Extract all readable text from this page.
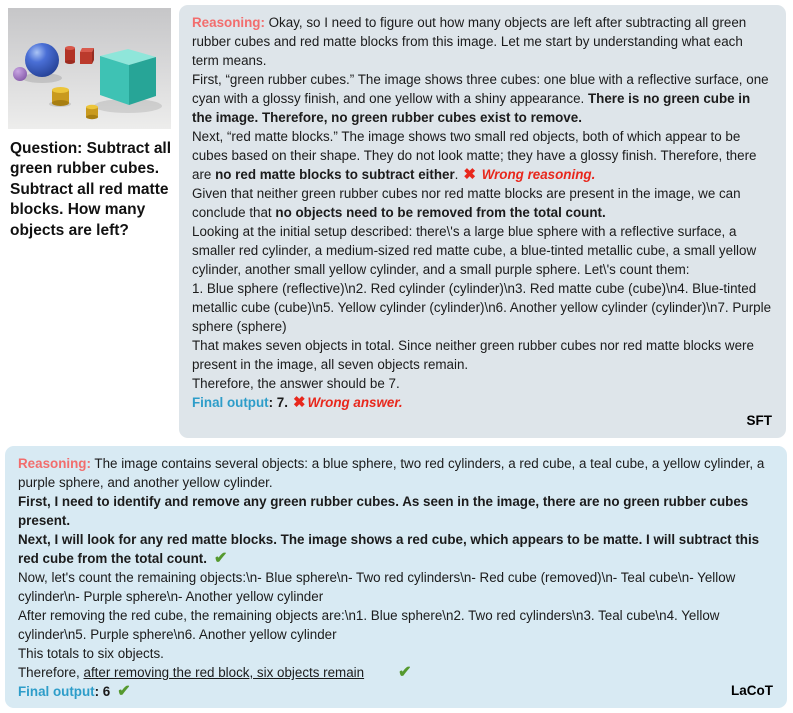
Question: Subtract all green rubber cubes. Subtract all red matte blocks. How many objects are left?

Reasoning: Okay, so I need to figure out how many objects are left after subtracting all green rubber cubes and red matte blocks from this image. Let me start by understanding what each term means.

First, “green rubber cubes.” The image shows three cubes: one blue with a reflective surface, one cyan with a glossy finish, and one yellow with a shiny appearance. There is no green cube in the image. Therefore, no green rubber cubes exist to remove.

Next, “red matte blocks.” The image shows two small red objects, both of which appear to be cubes based on their shape. They do not look matte; they have a glossy finish. Therefore, there are no red matte blocks to subtract either. ✖ Wrong reasoning.

Given that neither green rubber cubes nor red matte blocks are present in the image, we can conclude that no objects need to be removed from the total count.

Looking at the initial setup described: there\'s a large blue sphere with a reflective surface, a smaller red cylinder, a medium-sized red matte cube, a blue-tinted metallic cube, a small yellow cylinder, another small yellow cylinder, and a small purple sphere. Let\'s count them:

1. Blue sphere (reflective)\n2. Red cylinder (cylinder)\n3. Red matte cube (cube)\n4. Blue-tinted metallic cube (cube)\n5. Yellow cylinder (cylinder)\n6. Another yellow cylinder (cylinder)\n7. Purple sphere (sphere)

That makes seven objects in total. Since neither green rubber cubes nor red matte blocks were present in the image, all seven objects remain.

Therefore, the answer should be 7.

Final output: 7. ✖ Wrong answer.

SFT

Reasoning: The image contains several objects: a blue sphere, two red cylinders, a red cube, a teal cube, a yellow cylinder, a purple sphere, and another yellow cylinder.

First, I need to identify and remove any green rubber cubes. As seen in the image, there are no green rubber cubes present.

Next, I will look for any red matte blocks. The image shows a red cube, which appears to be matte. I will subtract this red cube from the total count. ✔

Now, let's count the remaining objects:\n- Blue sphere\n- Two red cylinders\n- Red cube (removed)\n- Teal cube\n- Yellow cylinder\n- Purple sphere\n- Another yellow cylinder

After removing the red cube, the remaining objects are:\n1. Blue sphere\n2. Two red cylinders\n3. Teal cube\n4. Yellow cylinder\n5. Purple sphere\n6. Another yellow cylinder

This totals to six objects.

Therefore, after removing the red block, six objects remain ✔

Final output: 6 ✔	LaCoT
